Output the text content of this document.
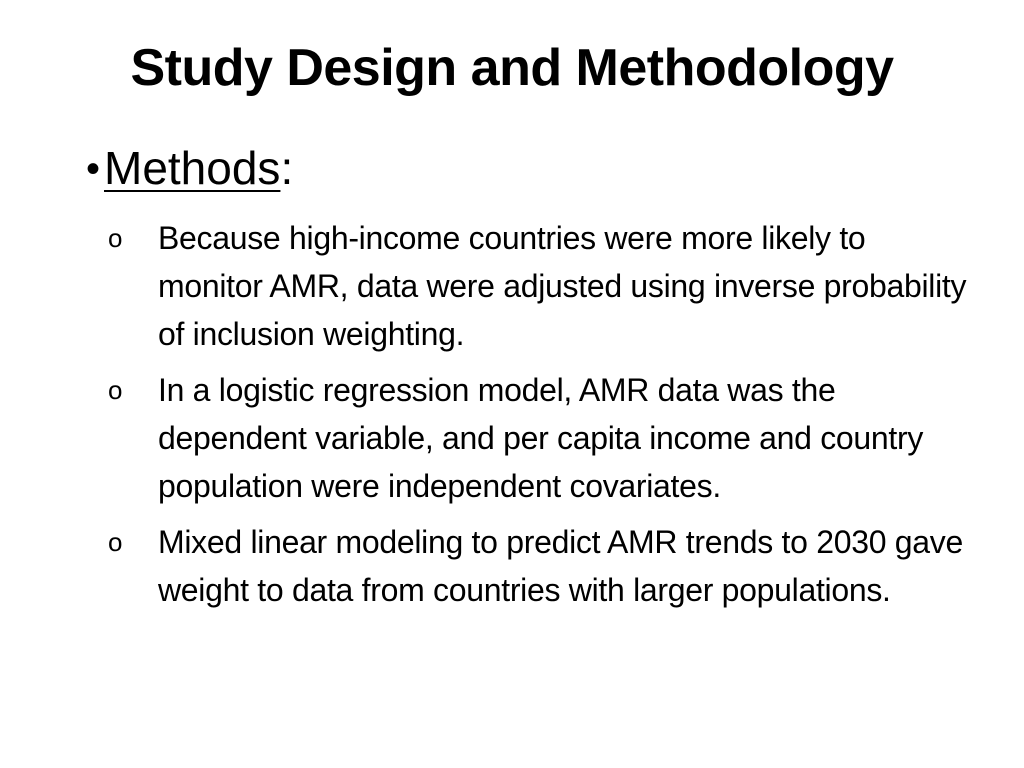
Study Design and Methodology
•Methods:
o	Because high-income countries were more likely to monitor AMR, data were adjusted using inverse probability of inclusion weighting.
o	In a logistic regression model, AMR data was the dependent variable, and per capita income and country population were independent covariates.
o	Mixed linear modeling to predict AMR trends to 2030 gave weight to data from countries with larger populations.
